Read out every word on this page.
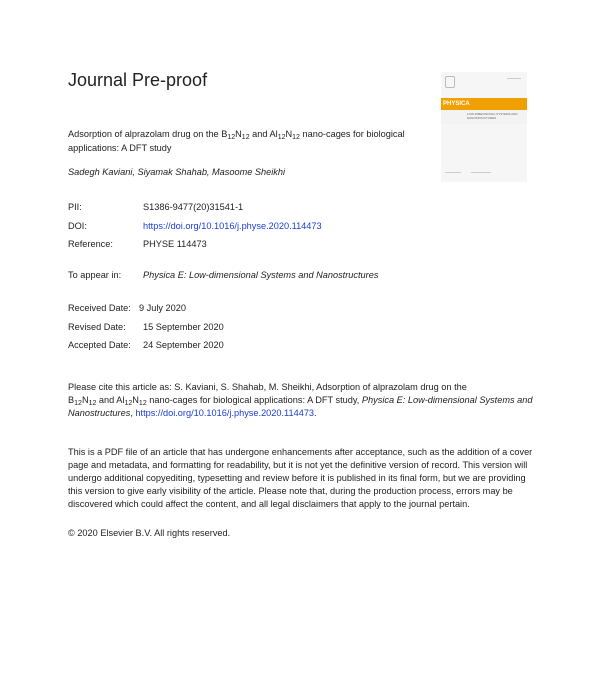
Journal Pre-proof
PHYSICA
LOW-DIMENSIONAL SYSTEMS AND NANOSTRUCTURES
Adsorption of alprazolam drug on the $B_{12}N_{12}$ and $Al_{12}N_{12}$ nano-cages for biological applications: A DFT study
Sadegh Kaviani, Siyamak Shahab, Masoome Sheikhi
PII:	S1386-9477(20)31541-1
DOI:	https://doi.org/10.1016/j.physe.2020.114473
Reference:	PHYSE 114473
To appear in: Physica E: Low-dimensional Systems and Nanostructures
Received Date: 9 July 2020
Revised Date: 15 September 2020
Accepted Date: 24 September 2020
Please cite this article as: S. Kaviani, S. Shahab, M. Sheikhi, Adsorption of alprazolam drug on the
$B_{12}N_{12}$ and $Al_{12}N_{12}$ nano-cages for biological applications: A DFT study, Physica E: Low-dimensional Systems and Nanostructures, https://doi.org/10.1016/j.physe.2020.114473.
This is a PDF file of an article that has undergone enhancements after acceptance, such as the addition of a cover page and metadata, and formatting for readability, but it is not yet the definitive version of record. This version will undergo additional copyediting, typesetting and review before it is published in its final form, but we are providing this version to give early visibility of the article. Please note that, during the production process, errors may be discovered which could affect the content, and all legal disclaimers that apply to the journal pertain.
© 2020 Elsevier B.V. All rights reserved.
